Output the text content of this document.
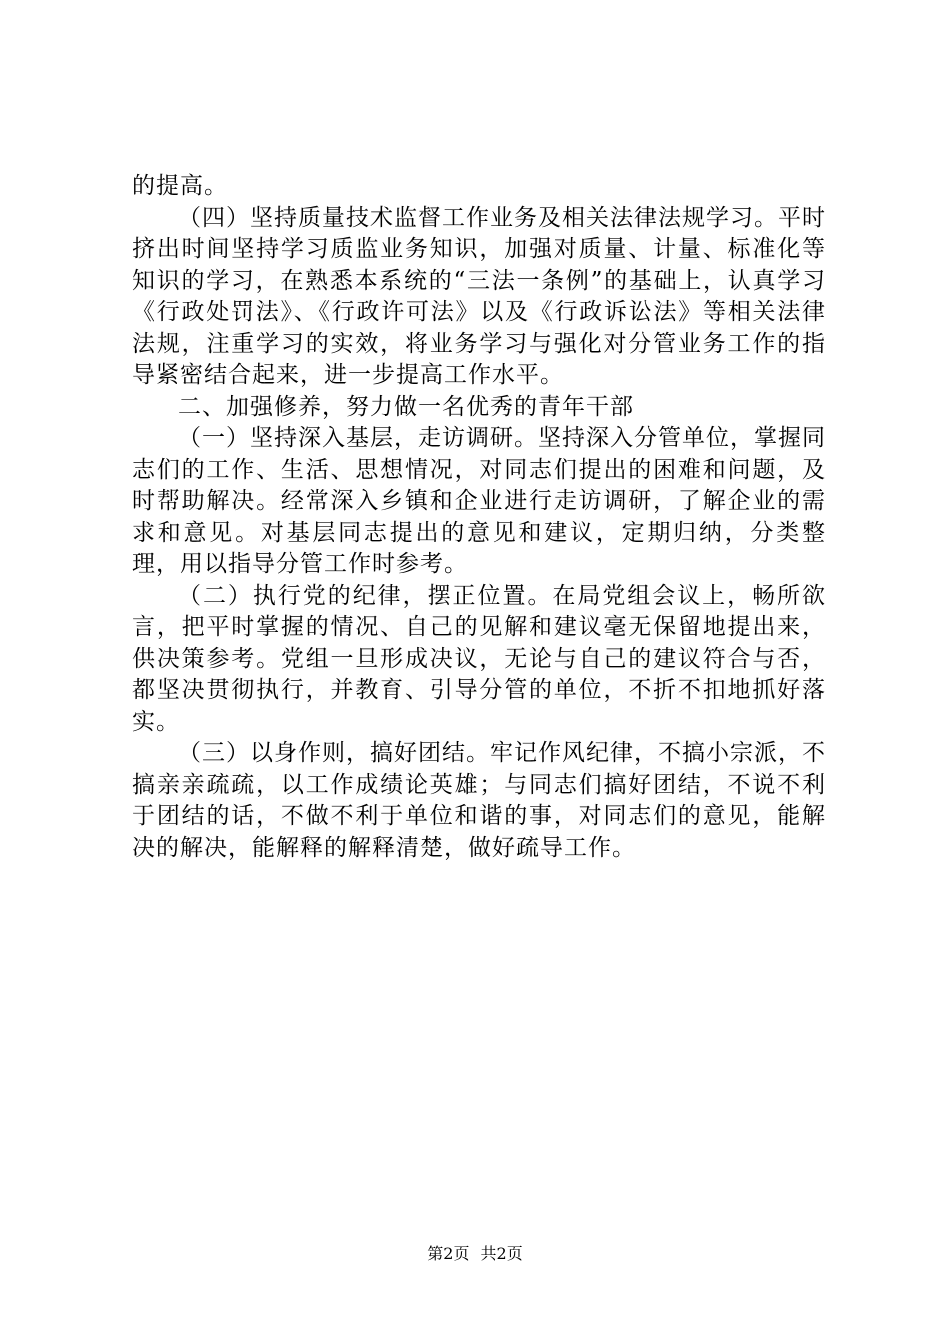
的提高。

（四）坚持质量技术监督工作业务及相关法律法规学习。平时挤出时间坚持学习质监业务知识，加强对质量、计量、标准化等知识的学习，在熟悉本系统的“三法一条例”的基础上，认真学习《行政处罚法》、《行政许可法》以及《行政诉讼法》等相关法律法规，注重学习的实效，将业务学习与强化对分管业务工作的指导紧密结合起来，进一步提高工作水平。

二、加强修养，努力做一名优秀的青年干部

（一）坚持深入基层，走访调研。坚持深入分管单位，掌握同志们的工作、生活、思想情况，对同志们提出的困难和问题，及时帮助解决。经常深入乡镇和企业进行走访调研，了解企业的需求和意见。对基层同志提出的意见和建议，定期归纳，分类整理，用以指导分管工作时参考。

（二）执行党的纪律，摆正位置。在局党组会议上，畅所欲言，把平时掌握的情况、自己的见解和建议毫无保留地提出来，供决策参考。党组一旦形成决议，无论与自己的建议符合与否，都坚决贯彻执行，并教育、引导分管的单位，不折不扣地抓好落实。

（三）以身作则，搞好团结。牢记作风纪律，不搞小宗派，不搞亲亲疏疏，以工作成绩论英雄；与同志们搞好团结，不说不利于团结的话，不做不利于单位和谐的事，对同志们的意见，能解决的解决，能解释的解释清楚，做好疏导工作。

第2页 共2页
